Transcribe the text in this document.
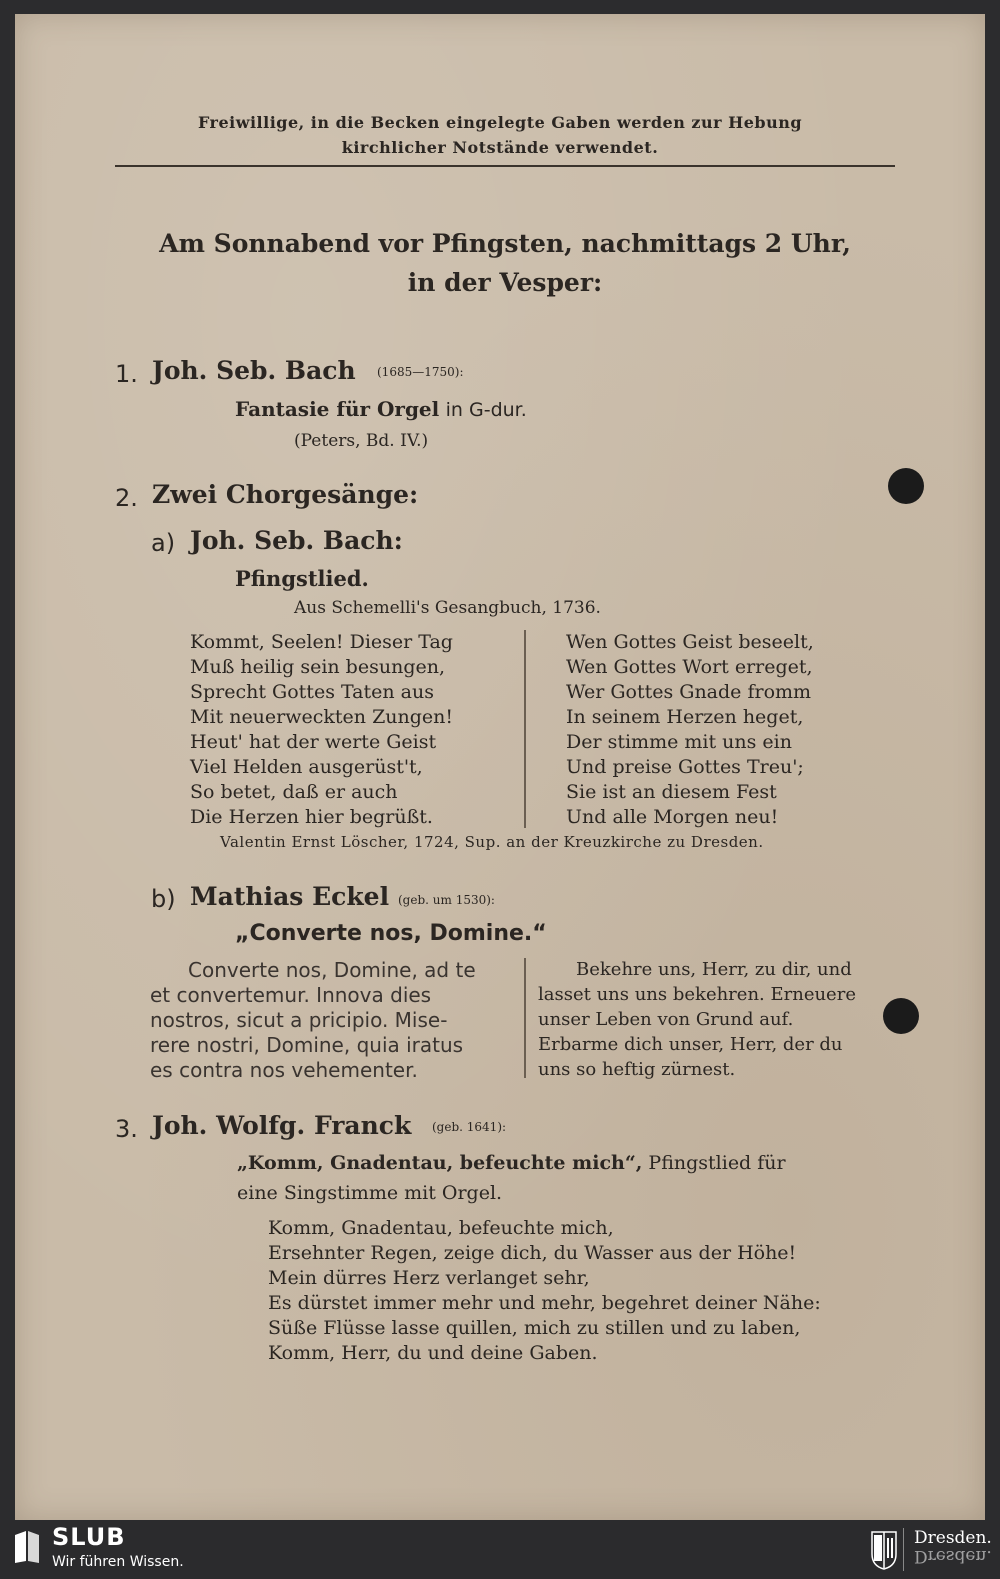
Freiwillige, in die Becken eingelegte Gaben werden zur Hebung
kirchlicher Notstände verwendet.
Am Sonnabend vor Pfingsten, nachmittags 2 Uhr,
in der Vesper:
1. Joh. Seb. Bach (1685—1750):
Fantasie für Orgel in G-dur.
(Peters, Bd. IV.)
2. Zwei Chorgesänge:
a) Joh. Seb. Bach:
Pfingstlied.
Aus Schemelli's Gesangbuch, 1736.
Kommt, Seelen! Dieser Tag
Muß heilig sein besungen,
Sprecht Gottes Taten aus
Mit neuerweckten Zungen!
Heut' hat der werte Geist
Viel Helden ausgerüst't,
So betet, daß er auch
Die Herzen hier begrüßt.
Wen Gottes Geist beseelt,
Wen Gottes Wort erreget,
Wer Gottes Gnade fromm
In seinem Herzen heget,
Der stimme mit uns ein
Und preise Gottes Treu';
Sie ist an diesem Fest
Und alle Morgen neu!
Valentin Ernst Löscher, 1724, Sup. an der Kreuzkirche zu Dresden.
b) Mathias Eckel (geb. um 1530):
„Converte nos, Domine.“
Converte nos, Domine, ad te
et convertemur. Innova dies
nostros, sicut a pricipio. Mise-
rere nostri, Domine, quia iratus
es contra nos vehementer.
Bekehre uns, Herr, zu dir, und
lasset uns uns bekehren. Erneuere
unser Leben von Grund auf.
Erbarme dich unser, Herr, der du
uns so heftig zürnest.
3. Joh. Wolfg. Franck (geb. 1641):
„Komm, Gnadentau, befeuchte mich“, Pfingstlied für
eine Singstimme mit Orgel.
Komm, Gnadentau, befeuchte mich,
Ersehnter Regen, zeige dich, du Wasser aus der Höhe!
Mein dürres Herz verlanget sehr,
Es dürstet immer mehr und mehr, begehret deiner Nähe:
Süße Flüsse lasse quillen, mich zu stillen und zu laben,
Komm, Herr, du und deine Gaben.
SLUB
Wir führen Wissen.
Dresden.
Dresden.
